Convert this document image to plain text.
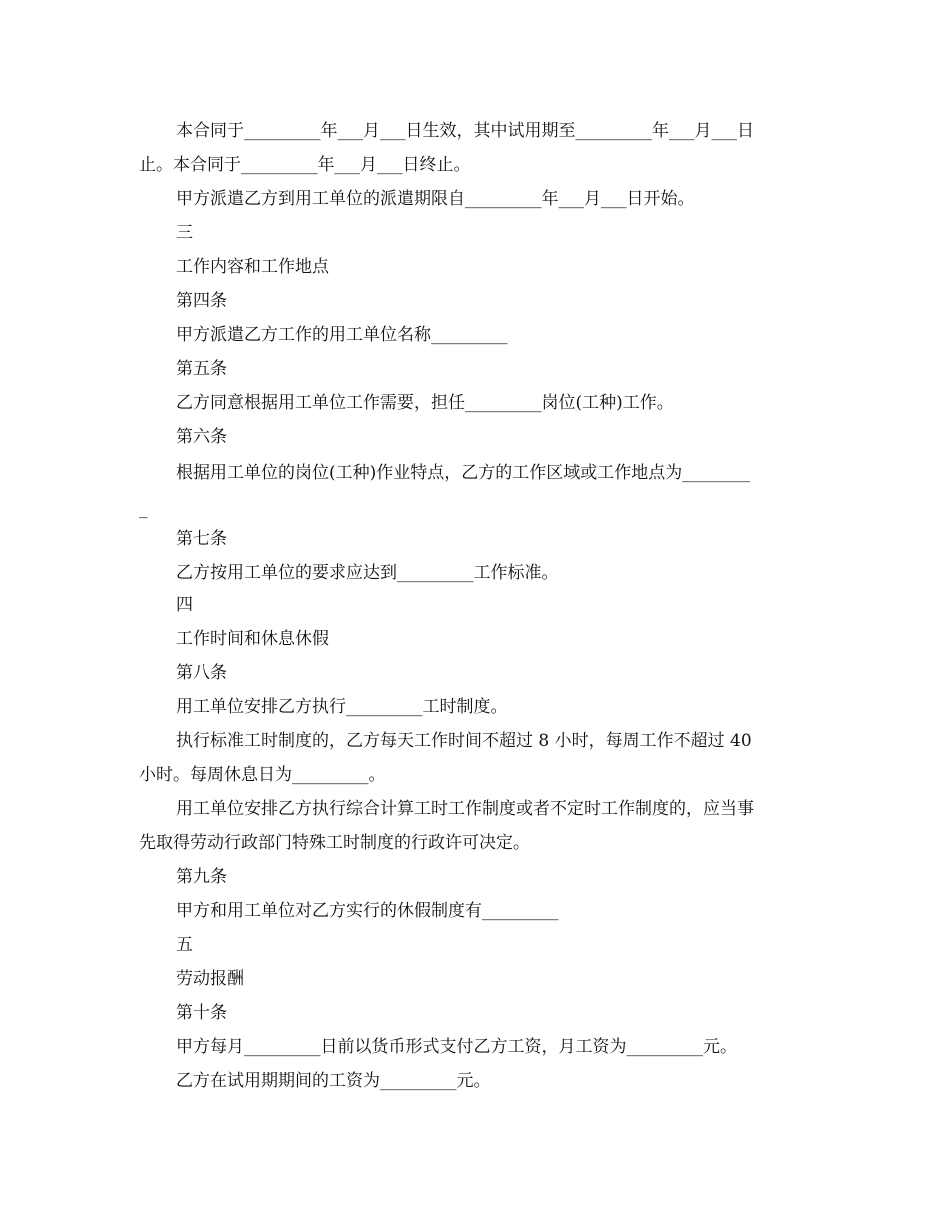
本合同于_________年___月___日生效，其中试用期至_________年___月___日
止。本合同于_________年___月___日终止。
甲方派遣乙方到用工单位的派遣期限自_________年___月___日开始。
三
工作内容和工作地点
第四条
甲方派遣乙方工作的用工单位名称_________
第五条
乙方同意根据用工单位工作需要，担任_________岗位(工种)工作。
第六条
根据用工单位的岗位(工种)作业特点，乙方的工作区域或工作地点为________
_
第七条
乙方按用工单位的要求应达到_________工作标准。
四
工作时间和休息休假
第八条
用工单位安排乙方执行_________工时制度。
执行标准工时制度的，乙方每天工作时间不超过 8 小时，每周工作不超过 40
小时。每周休息日为_________。
用工单位安排乙方执行综合计算工时工作制度或者不定时工作制度的，应当事
先取得劳动行政部门特殊工时制度的行政许可决定。
第九条
甲方和用工单位对乙方实行的休假制度有_________
五
劳动报酬
第十条
甲方每月_________日前以货币形式支付乙方工资，月工资为_________元。
乙方在试用期期间的工资为_________元。
